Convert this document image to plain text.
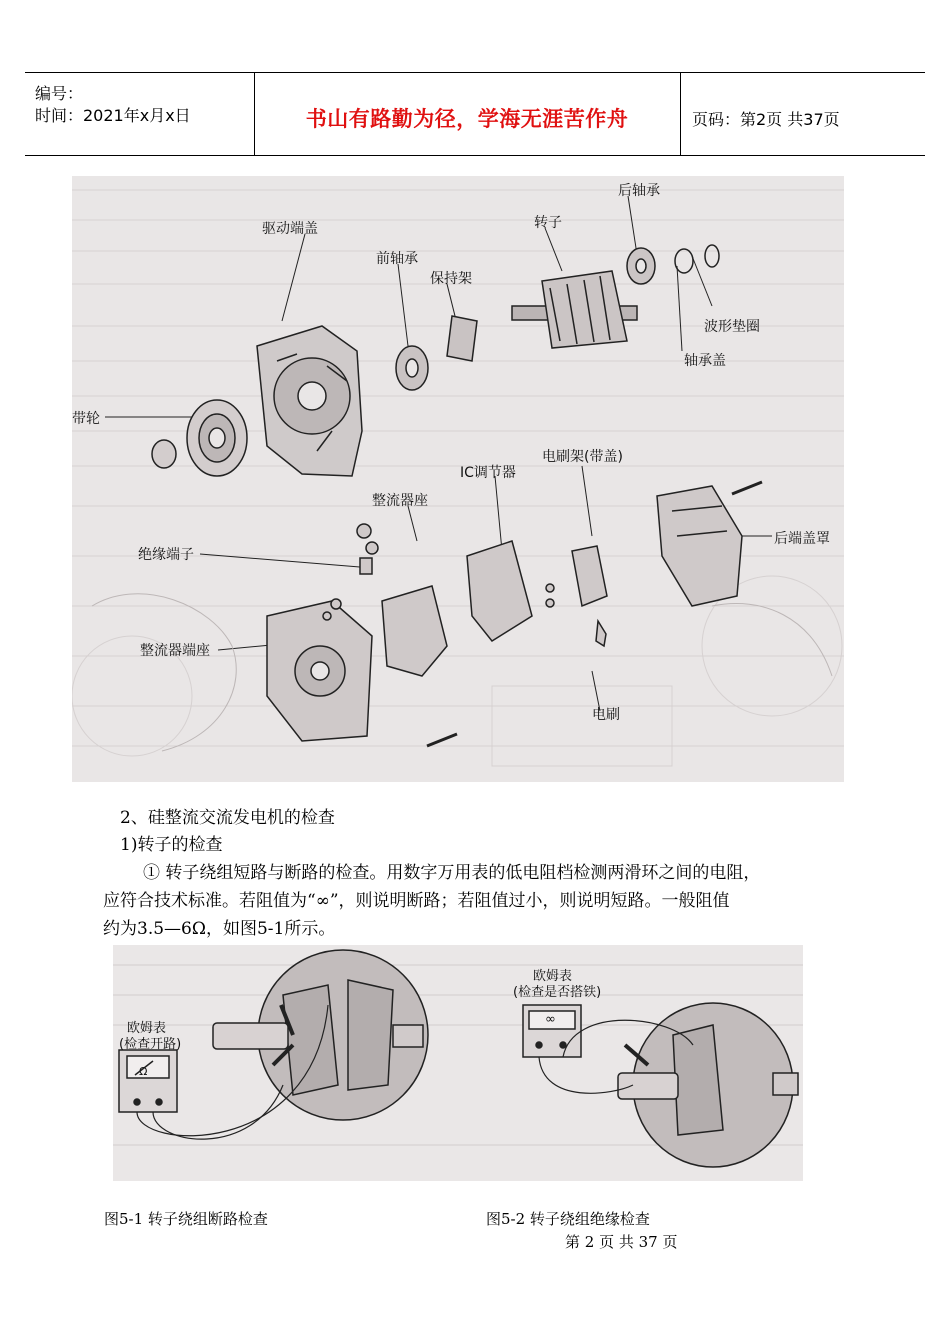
编号：
时间：2021年x月x日	书山有路勤为径，学海无涯苦作舟	页码：第2页 共37页
后轴承
驱动端盖	转子
前轴承
保持架
波形垫圈
轴承盖
带轮
IC调节器
电刷架(带盖)
整流器座
后端盖罩
绝缘端子
整流器端座
电刷
2、硅整流交流发电机的检查
1)转子的检查
① 转子绕组短路与断路的检查。用数字万用表的低电阻档检测两滑环之间的电阻，
应符合技术标准。若阻值为“∞”，则说明断路；若阻值过小，则说明短路。一般阻值
约为3.5—6Ω，如图5-1所示。
欧姆表
(检查开路)
Ω
欧姆表
(检查是否搭铁)
∞
图5-1 转子绕组断路检查	图5-2 转子绕组绝缘检查
第 2 页 共 37 页
